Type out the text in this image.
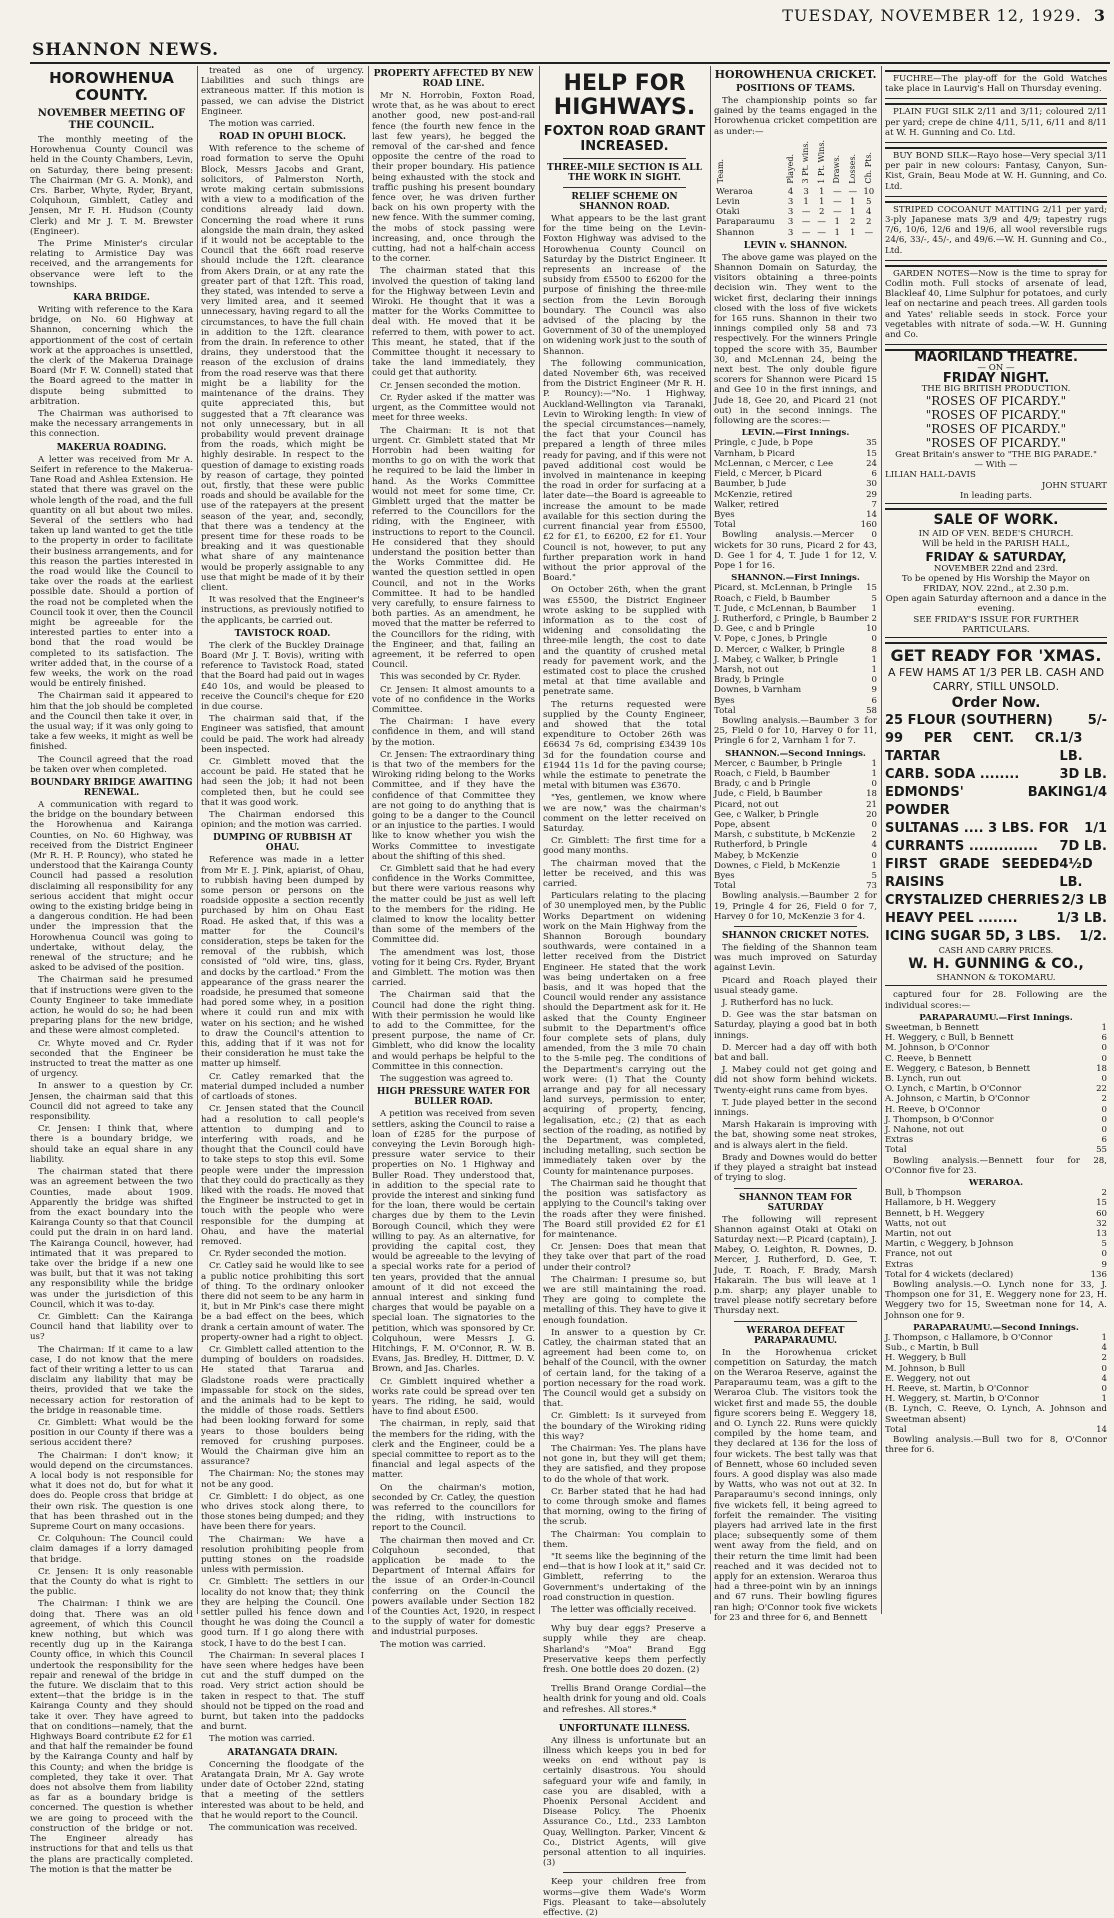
TUESDAY, NOVEMBER 12, 1929. 3
SHANNON NEWS.
HOROWHENUA COUNTY.
NOVEMBER MEETING OF THE COUNCIL.

The monthly meeting of the Horowhenua County Council was held in the County Chambers, Levin, on Saturday, there being present: The Chairman (Mr G. A. Monk), and Crs. Barber, Whyte, Ryder, Bryant, Colquhoun, Gimblett, Catley and Jensen, Mr F. H. Hudson (County Clerk) and Mr J. T. M. Brewster (Engineer).

The Prime Minister's circular relating to Armistice Day was received, and the arrangements for observance were left to the townships.

KARA BRIDGE.

Writing with reference to the Kara bridge, on No. 60 Highway at Shannon, concerning which the apportionment of the cost of certain work at the approaches is unsettled, the clerk of the Makerua Drainage Board (Mr F. W. Connell) stated that the Board agreed to the matter in dispute being submitted to arbitration.

The Chairman was authorised to make the necessary arrangements in this connection.

MAKERUA ROADING.

A letter was received from Mr A. Seifert in reference to the Makerua-Tane Road and Ashlea Extension. He stated that there was gravel on the whole length of the road, and the full quantity on all but about two miles. Several of the settlers who had taken up land wanted to get the title to the property in order to facilitate their business arrangements, and for this reason the parties interested in the road would like the Council to take over the roads at the earliest possible date. Should a portion of the road not be completed when the Council took it over, then the Council might be agreeable for the interested parties to enter into a bond that the road would be completed to its satisfaction. The writer added that, in the course of a few weeks, the work on the road would be entirely finished.

The Chairman said it appeared to him that the job should be completed and the Council then take it over, in the usual way; if it was only going to take a few weeks, it might as well be finished.

The Council agreed that the road be taken over when completed.

BOUNDARY BRIDGE AWAITING RENEWAL.

A communication with regard to the bridge on the boundary between the Horowhenua and Kairanga Counties, on No. 60 Highway, was received from the District Engineer (Mr R. H. P. Rouncy), who stated he understood that the Kairanga County Council had passed a resolution disclaiming all responsibility for any serious accident that might occur owing to the existing bridge being in a dangerous condition. He had been under the impression that the Horowhenua Council was going to undertake, without delay, the renewal of the structure; and he asked to be advised of the position.

The Chairman said he presumed that if instructions were given to the County Engineer to take immediate action, he would do so; he had been preparing plans for the new bridge, and these were almost completed.

Cr. Whyte moved and Cr. Ryder seconded that the Engineer be instructed to treat the matter as one of urgency.

In answer to a question by Cr. Jensen, the chairman said that this Council did not agreed to take any responsibility.

Cr. Jensen: I think that, where there is a boundary bridge, we should take an equal share in any liability.

The chairman stated that there was an agreement between the two Counties, made about 1909. Apparently the bridge was shifted from the exact boundary into the Kairanga County so that that Council could put the drain in on hard land. The Kairanga Council, however, had intimated that it was prepared to take over the bridge if a new one was built, but that it was not taking any responsibility while the bridge was under the jurisdiction of this Council, which it was to-day.

Cr. Gimblett: Can the Kairanga Council hand that liability over to us?

The Chairman: If it came to a law case, I do not know that the mere fact of their writing a letter to us can disclaim any liability that may be theirs, provided that we take the necessary action for restoration of the bridge in reasonable time.

Cr. Gimblett: What would be the position in our County if there was a serious accident there?

The Chairman: I don't know; it would depend on the circumstances. A local body is not responsible for what it does not do, but for what it does do. People cross that bridge at their own risk. The question is one that has been thrashed out in the Supreme Court on many occasions.

Cr. Colquhoun: The Council could claim damages if a lorry damaged that bridge.

Cr. Jensen: It is only reasonable that the County do what is right to the public.

The Chairman: I think we are doing that. There was an old agreement, of which this Council knew nothing, but which was recently dug up in the Kairanga County office, in which this Council undertook the responsibility for the repair and renewal of the bridge in the future. We disclaim that to this extent—that the bridge is in the Kairanga County and they should take it over. They have agreed to that on conditions—namely, that the Highways Board contribute £2 for £1 and that half the remainder be found by the Kairanga County and half by this County; and when the bridge is completed, they take it over. That does not absolve them from liability as far as a boundary bridge is concerned. The question is whether we are going to proceed with the construction of the bridge or not. The Engineer already has instructions for that and tells us that the plans are practically completed. The motion is that the matter be

treated as one of urgency. Liabilities and such things are extraneous matter. If this motion is passed, we can advise the District Engineer.

The motion was carried.

ROAD IN OPUHI BLOCK.

With reference to the scheme of road formation to serve the Opuhi Block, Messrs Jacobs and Grant, solicitors, of Palmerston North, wrote making certain submissions with a view to a modification of the conditions already laid down. Concerning the road where it runs alongside the main drain, they asked if it would not be acceptable to the Council that the 66ft road reserve should include the 12ft. clearance from Akers Drain, or at any rate the greater part of that 12ft. This road, they stated, was intended to serve a very limited area, and it seemed unnecessary, having regard to all the circumstances, to have the full chain in addition to the 12ft. clearance from the drain. In reference to other drains, they understood that the reason of the exclusion of drains from the road reserve was that there might be a liability for the maintenance of the drains. They quite appreciated this, but suggested that a 7ft clearance was not only unnecessary, but in all probability would prevent drainage from the roads, which might be highly desirable. In respect to the question of damage to existing roads by reason of cartage, they pointed out, firstly, that these were public roads and should be available for the use of the ratepayers at the present season of the year, and, secondly, that there was a tendency at the present time for these roads to be breaking and it was questionable what share of any maintenance would be properly assignable to any use that might be made of it by their client.

It was resolved that the Engineer's instructions, as previously notified to the applicants, be carried out.

TAVISTOCK ROAD.

The clerk of the Buckley Drainage Board (Mr J. T. Bovis), writing with reference to Tavistock Road, stated that the Board had paid out in wages £40 10s, and would be pleased to receive the Council's cheque for £20 in due course.

The chairman said that, if the Engineer was satisfied, that amount could be paid. The work had already been inspected.

Cr. Gimblett moved that the account be paid. He stated that he had seen the job; it had not been completed then, but he could see that it was good work.

The Chairman endorsed this opinion; and the motion was carried.

DUMPING OF RUBBISH AT OHAU.

Reference was made in a letter from Mr E. J. Pink, apiarist, of Ohau, to rubbish having been dumped by some person or persons on the roadside opposite a section recently purchased by him on Ohau East Road. He asked that, if this was a matter for the Council's consideration, steps be taken for the removal of the rubbish, which consisted of "old wire, tins, glass, and docks by the cartload." From the appearance of the grass nearer the roadside, he presumed that someone had pored some whey, in a position where it could run and mix with water on his section; and he wished to draw the Council's attention to this, adding that if it was not for their consideration he must take the matter up himself.

Cr. Catley remarked that the material dumped included a number of cartloads of stones.

Cr. Jensen stated that the Council had a resolution to call people's attention to dumping and to interfering with roads, and he thought that the Council could have to take steps to stop this evil. Some people were under the impression that they could do practically as they liked with the roads. He moved that the Engineer be instructed to get in touch with the people who were responsible for the dumping at Ohau, and have the material removed.

Cr. Ryder seconded the motion.

Cr. Catley said he would like to see a public notice prohibiting this sort of thing. To the ordinary onlooker there did not seem to be any harm in it, but in Mr Pink's case there might be a bad effect on the bees, which drank a certain amount of water. The property-owner had a right to object.

Cr. Gimblett called attention to the dumping of boulders on roadsides. He stated that Tararua and Gladstone roads were practically impassable for stock on the sides, and the animals had to be kept to the middle of those roads. Settlers had been looking forward for some years to those boulders being removed for crushing purposes. Would the Chairman give him an assurance?

The Chairman: No; the stones may not be any good.

Cr. Gimblett: I do object, as one who drives stock along there, to those stones being dumped; and they have been there for years.

The Chairman: We have a resolution prohibiting people from putting stones on the roadside unless with permission.

Cr. Gimblett: The settlers in our locality do not know that; they think they are helping the Council. One settler pulled his fence down and thought he was doing the Council a good turn. If I go along there with stock, I have to do the best I can.

The Chairman: In several places I have seen where hedges have been cut and the stuff dumped on the road. Very strict action should be taken in respect to that. The stuff should not be tipped on the road and burnt, but taken into the paddocks and burnt.

The motion was carried.

ARATANGATA DRAIN.

Concerning the floodgate of the Aratangata Drain, Mr A. Gay wrote under date of October 22nd, stating that a meeting of the settlers interested was about to be held, and that he would report to the Council.

The communication was received.

PROPERTY AFFECTED BY NEW ROAD LINE.

Mr N. Horrobin, Foxton Road, wrote that, as he was about to erect another good, new post-and-rail fence (the fourth new fence in the last few years), he begged the removal of the car-shed and fence opposite the centre of the road to their proper boundary. His patience being exhausted with the stock and traffic pushing his present boundary fence over, he was driven further back on his own property with the new fence. With the summer coming, the mobs of stock passing were increasing, and, once through the cutting, had not a half-chain access to the corner.

The chairman stated that this involved the question of taking land for the Highway between Levin and Wiroki. He thought that it was a matter for the Works Committee to deal with. He moved that it be referred to them, with power to act. This meant, he stated, that if the Committee thought it necessary to take the land immediately, they could get that authority.

Cr. Jensen seconded the motion.

Cr. Ryder asked if the matter was urgent, as the Committee would not meet for three weeks.

The Chairman: It is not that urgent. Cr. Gimblett stated that Mr Horrobin had been waiting for months to go on with the work that he required to be laid the limber in hand. As the Works Committee would not meet for some time, Cr. Gimblett urged that the matter be referred to the Councillors for the riding, with the Engineer, with instructions to report to the Council. He considered that they should understand the position better than the Works Committee did. He wanted the question settled in open Council, and not in the Works Committee. It had to be handled very carefully, to ensure fairness to both parties. As an amendment, he moved that the matter be referred to the Councillors for the riding, with the Engineer, and that, failing an agreement, it be referred to open Council.

This was seconded by Cr. Ryder.

Cr. Jensen: It almost amounts to a vote of no confidence in the Works Committee.

The Chairman: I have every confidence in them, and will stand by the motion.

Cr. Jensen: The extraordinary thing is that two of the members for the Wiroking riding belong to the Works Committee, and if they have the confidence of that Committee they are not going to do anything that is going to be a danger to the Council or an injustice to the parties. I would like to know whether you wish the Works Committee to investigate about the shifting of this shed.

Cr. Gimblett said that he had every confidence in the Works Committee, but there were various reasons why the matter could be just as well left to the members for the riding. He claimed to know the locality better than some of the members of the Committee did.

The amendment was lost, those voting for it being Crs. Ryder, Bryant and Gimblett. The motion was then carried.

The Chairman said that the Council had done the right thing. With their permission he would like to add to the Committee, for the present purpose, the name of Cr. Gimblett, who did know the locality and would perhaps be helpful to the Committee in this connection.

The suggestion was agreed to.

HIGH PRESSURE WATER FOR BULLER ROAD.

A petition was received from seven settlers, asking the Council to raise a loan of £285 for the purpose of conveying the Levin Borough high-pressure water service to their properties on No. 1 Highway and Buller Road. They understood that, in addition to the special rate to provide the interest and sinking fund for the loan, there would be certain charges due by them to the Levin Borough Council, which they were willing to pay. As an alternative, for providing the capital cost, they would be agreeable to the levying of a special works rate for a period of ten years, provided that the annual amount of it did not exceed the annual interest and sinking fund charges that would be payable on a special loan. The signatories to the petition, which was sponsored by Cr. Colquhoun, were Messrs J. G. Hitchings, F. M. O'Connor, R. W. B. Evans, Jas. Bredley, H. Dittmer, D. V. Brown, and Jas. Charles.

Cr. Gimblett inquired whether a works rate could be spread over ten years. The riding, he said, would have to find about £500.

The chairman, in reply, said that the members for the riding, with the clerk and the Engineer, could be a special committee to report as to the financial and legal aspects of the matter.

On the chairman's motion, seconded by Cr. Catley, the question was referred to the councillors for the riding, with instructions to report to the Council.

The chairman then moved and Cr. Colquhoun seconded, that application be made to the Department of Internal Affairs for the issue of an Order-in-Council conferring on the Council the powers available under Section 182 of the Counties Act, 1920, in respect to the supply of water for domestic and industrial purposes.

The motion was carried.

HELP FOR HIGHWAYS.
FOXTON ROAD GRANT INCREASED.
THREE-MILE SECTION IS ALL THE WORK IN SIGHT.
RELIEF SCHEME ON SHANNON ROAD.

What appears to be the last grant for the time being on the Levin-Foxton Highway was advised to the Horowhenua County Council on Saturday by the District Engineer. It represents an increase of the subsidy from £5500 to £6200 for the purpose of finishing the three-mile section from the Levin Borough boundary. The Council was also advised of the placing by the Government of 30 of the unemployed on widening work just to the south of Shannon.

The following communication, dated November 6th, was received from the District Engineer (Mr R. H. P. Rouncy):—"No. 1 Highway, Auckland-Wellington via Taranaki, Levin to Wiroking length: In view of the special circumstances—namely, the fact that your Council has prepared a length of three miles ready for paving, and if this were not paved additional cost would be involved in maintenance in keeping the road in order for surfacing at a later date—the Board is agreeable to increase the amount to be made available for this section during the current financial year from £5500, £2 for £1, to £6200, £2 for £1. Your Council is not, however, to put any further preparation work in hand without the prior approval of the Board."

On October 26th, when the grant was £5500, the District Engineer wrote asking to be supplied with information as to the cost of widening and consolidating the three-mile length, the cost to date and the quantity of crushed metal ready for pavement work, and the estimated cost to place the crushed metal at that time available and penetrate same.

The returns requested were supplied by the County Engineer, and showed that the total expenditure to October 26th was £6634 7s 6d, comprising £3439 10s 3d for the foundation course and £1944 11s 1d for the paving course; while the estimate to penetrate the metal with bitumen was £3670.

"Yes, gentlemen, we know where we are now," was the chairman's comment on the letter received on Saturday.

Cr. Gimblett: The first time for a good many months.

The chairman moved that the letter be received, and this was carried.

Particulars relating to the placing of 30 unemployed men, by the Public Works Department on widening work on the Main Highway from the Shannon Borough boundary southwards, were contained in a letter received from the District Engineer. He stated that the work was being undertaken on a free basis, and it was hoped that the Council would render any assistance should the Department ask for it. He asked that the County Engineer submit to the Department's office four complete sets of plans, duly amended, from the 3 mile 70 chain to the 5-mile peg. The conditions of the Department's carrying out the work were: (1) That the County arrange and pay for all necessary land surveys, permission to enter, acquiring of property, fencing, legalisation, etc.; (2) that as each section of the roading, as notified by the Department, was completed, including metalling, such section be immediately taken over by the County for maintenance purposes.

The Chairman said he thought that the position was satisfactory as applying to the Council's taking over the roads after they were finished. The Board still provided £2 for £1 for maintenance.

Cr. Jensen: Does that mean that they take over that part of the road under their control?

The Chairman: I presume so, but we are still maintaining the road. They are going to complete the metalling of this. They have to give it enough foundation.

In answer to a question by Cr. Catley, the chairman stated that an agreement had been come to, on behalf of the Council, with the owner of certain land, for the taking of a portion necessary for the road work. The Council would get a subsidy on that.

Cr. Gimblett: Is it surveyed from the boundary of the Wiroking riding this way?

The Chairman: Yes. The plans have not gone in, but they will get them; they are satisfied, and they propose to do the whole of that work.

Cr. Barber stated that he had had to come through smoke and flames that morning, owing to the firing of the scrub.

The Chairman: You complain to them.

"It seems like the beginning of the end—that is how I look at it," said Cr. Gimblett, referring to the Government's undertaking of the road construction in question.

The letter was officially received.

Why buy dear eggs? Preserve a supply while they are cheap. Sharland's "Moa" Brand Egg Preservative keeps them perfectly fresh. One bottle does 20 dozen. (2)

Trellis Brand Orange Cordial—the health drink for young and old. Coals and refreshes. All stores.*

UNFORTUNATE ILLNESS.

Any illness is unfortunate but an illness which keeps you in bed for weeks on end without pay is certainly disastrous. You should safeguard your wife and family, in case you are disabled, with a Phoenix Personal Accident and Disease Policy. The Phoenix Assurance Co., Ltd., 233 Lambton Quay, Wellington. Parker, Vincent & Co., District Agents, will give personal attention to all inquiries. (3)

Keep your children free from worms—give them Wade's Worm Figs. Pleasant to take—absolutely effective. (2)

HOROWHENUA CRICKET.
POSITIONS OF TEAMS.

The championship points so far gained by the teams engaged in the Horowhenua cricket competition are as under:—

Team.	Played.	3 Pt. wins.	1 Pt. Wins.	Draws.	Losses.	Ch. Pts.
Weraroa	4	3	1	—	—	10
Levin	3	1	1	—	1	5
Otaki	3	—	2	—	1	4
Paraparaumu	3	—	—	1	2	2
Shannon	3	—	—	1	1	—
LEVIN v. SHANNON.

The above game was played on the Shannon Domain on Saturday, the visitors obtaining a three-points decision win. They went to the wicket first, declaring their innings closed with the loss of five wickets for 165 runs. Shannon in their two innings compiled only 58 and 73 respectively. For the winners Pringle topped the score with 35, Baumber 30, and McLennan 24, being the next best. The only double figure scorers for Shannon were Picard 15 and Gee 10 in the first innings, and Jude 18, Gee 20, and Picard 21 (not out) in the second innings. The following are the scores:—

LEVIN.—First Innings.
Pringle, c Jude, b Pope	35
Varnham, b Picard	15
McLennan, c Mercer, c Lee	24
Field, c Mercer, b Picard	6
Baumber, b Jude	30
McKenzie, retired	29
Walker, retired	7
Byes	14
Total	160

Bowling analysis.—Mercer 0 wickets for 30 runs, Picard 2 for 43, D. Gee 1 for 4, T. Jude 1 for 12, V. Pope 1 for 16.

SHANNON.—First Innings.
Picard, st. McLennan, b Pringle 15
Roach, c Field, b Baumber	5
T. Jude, c McLennan, b Baumber 1
J. Rutherford, c Pringle, b Baumber 2
D. Gee, c and b Pringle	10
V. Pope, c Jones, b Pringle	0
D. Mercer, c Walker, b Pringle	8
J. Mabey, c Walker, b Pringle	1
Marsh, not out	1
Brady, b Pringle	0
Downes, b Varnham	9
Byes	6
Total	58

Bowling analysis.—Baumber 3 for 25, Field 0 for 10, Harvey 0 for 11, Pringle 6 for 2, Varnham 1 for 7.

SHANNON.—Second Innings.
Mercer, c Baumber, b Pringle	1
Roach, c Field, b Baumber	1
Brady, c and b Pringle	0
Jude, c Field, b Baumber	18
Picard, not out	21
Gee, c Walker, b Pringle	20
Pope, absent	0
Marsh, c substitute, b McKenzie 2
Rutherford, b Pringle	4
Mabey, b McKenzie	0
Downes, c Field, b McKenzie	1
Byes	5
Total	73

Bowling analysis.—Baumber 2 for 19, Pringle 4 for 26, Field 0 for 7, Harvey 0 for 10, McKenzie 3 for 4.

SHANNON CRICKET NOTES.

The fielding of the Shannon team was much improved on Saturday against Levin.

Picard and Roach played their usual steady game.

J. Rutherford has no luck.

D. Gee was the star batsman on Saturday, playing a good bat in both innings.

D. Mercer had a day off with both bat and ball.

J. Mabey could not get going and did not show form behind wickets. Twenty-eight runs came from byes.

T. Jude played better in the second innings.

Marsh Hakarain is improving with the bat, showing some neat strokes, and is always alert in the field.

Brady and Downes would do better if they played a straight bat instead of trying to slog.

SHANNON TEAM FOR SATURDAY

The following will represent Shannon against Otaki at Otaki on Saturday next:—P. Picard (captain), J. Mabey, O. Leighton, R. Downes, D. Mercer, J. Rutherford, D. Gee, T. Jude, T. Roach, F. Brady, Marsh Hakarain. The bus will leave at 1 p.m. sharp; any player unable to travel please notify secretary before Thursday next.

WERAROA DEFEAT PARAPARAUMU.

In the Horowhenua cricket competition on Saturday, the match on the Weraroa Reserve, against the Paraparaumu team, was a gift to the Weraroa Club. The visitors took the wicket first and made 55, the double figure scorers being E. Weggery 18, and O. Lynch 22. Runs were quickly compiled by the home team, and they declared at 136 for the loss of four wickets. The best tally was that of Bennett, whose 60 included seven fours. A good display was also made by Watts, who was not out at 32. In Paraparaumu's second innings, only five wickets fell, it being agreed to forfeit the remainder. The visiting players had arrived late in the first place; subsequently some of them went away from the field, and on their return the time limit had been reached and it was decided not to apply for an extension. Weraroa thus had a three-point win by an innings and 67 runs. Their bowling figures ran high; O'Connor took five wickets for 23 and three for 6, and Bennett

FUCHRE—The play-off for the Gold Watches take place in Laurvig's Hall on Thursday evening.

PLAIN FUGI SILK 2/11 and 3/11; coloured 2/11 per yard; crepe de chine 4/11, 5/11, 6/11 and 8/11 at W. H. Gunning and Co. Ltd.

BUY BOND SILK—Rayo hose—Very special 3/11 per pair in new colours: Fantasy, Canyon, Sun-Kist, Grain, Beau Mode at W. H. Gunning, and Co. Ltd.

STRIPED COCOANUT MATTING 2/11 per yard; 3-ply Japanese mats 3/9 and 4/9; tapestry rugs 7/6, 10/6, 12/6 and 19/6, all wool reversible rugs 24/6, 33/-, 45/-, and 49/6.—W. H. Gunning and Co., Ltd.

GARDEN NOTES—Now is the time to spray for Codlin moth. Full stocks of arsenate of lead, Blackleaf 40, Lime Sulphur for potatoes, and curly leaf on nectarine and peach trees. All garden tools and Yates' reliable seeds in stock. Force your vegetables with nitrate of soda.—W. H. Gunning and Co.

MAORILAND THEATRE.
— ON —
FRIDAY NIGHT.
THE BIG BRITISH PRODUCTION.
"ROSES OF PICARDY."
"ROSES OF PICARDY."
"ROSES OF PICARDY."
"ROSES OF PICARDY."
Great Britain's answer to "THE BIG PARADE."
— With —
LILIAN HALL-DAVIS
JOHN STUART
In leading parts.
SALE OF WORK.
IN AID OF VEN. BEDE'S CHURCH.
Will be held in the PARISH HALL,
FRIDAY & SATURDAY,
NOVEMBER 22nd and 23rd.
To be opened by His Worship the Mayor on FRIDAY, NOV. 22nd., at 2.30 p.m.
Open again Saturday afternoon and a dance in the evening.
SEE FRIDAY'S ISSUE FOR FURTHER PARTICULARS.
GET READY FOR 'XMAS.
A FEW HAMS AT 1/3 PER LB. CASH AND CARRY, STILL UNSOLD.
Order Now.
25 FLOUR (SOUTHERN)	5/-
99 PER CENT. CR. TARTAR
1/3 LB.
CARB. SODA ........	3D LB.
EDMONDS' BAKING POWDER
1/4
SULTANAS .... 3 LBS. FOR 1/1
CURRANTS .............. 7D LB.
FIRST GRADE SEEDED RAISINS
4½D LB.
CRYSTALIZED CHERRIES 2/3 LB
HEAVY PEEL ........	1/3 LB.
ICING SUGAR 5D, 3 LBS. 1/2.
CASH AND CARRY PRICES.
W. H. GUNNING & CO.,
SHANNON & TOKOMARU.

captured four for 28. Following are the individual scores:—

PARAPARAUMU.—First Innings.
Sweetman, b Bennett	1
H. Weggery, c Bull, b Bennett	6
M. Johnson, b O'Connor	0
C. Reeve, b Bennett	0
E. Weggery, c Bateson, b Bennett	18
B. Lynch, run out	0
O. Lynch, c Martin, b O'Connor	22
A. Johnson, c Martin, b O'Connor	2
H. Reeve, b O'Connor	0
J. Thompson, b O'Connor	0
J. Nahone, not out	0
Extras	6
Total	55

Bowling analysis.—Bennett four for 28, O'Connor five for 23.

WERAROA.
Bull, b Thompson	2
Hallamore, b H. Weggery	15
Bennett, b H. Weggery	60
Watts, not out	32
Martin, not out	13
Martin, c Weggery, b Johnson	5
France, not out	0
Extras	9
Total for 4 wickets (declared)	136

Bowling analysis.—O. Lynch none for 33, J. Thompson one for 31, E. Weggery none for 23, H. Weggery two for 15, Sweetman none for 14, A. Johnson one for 9.

PARAPARAUMU.—Second Innings.
J. Thompson, c Hallamore, b O'Connor	1
Sub., c Martin, b Bull	4
H. Weggery, b Bull	2
M. Johnson, b Bull	0
E. Weggery, not out	4
H. Reeve, st. Martin, b O'Connor	0
H. Weggery, st. Martin, b O'Connor	1
(B. Lynch, C. Reeve, O. Lynch, A. Johnson and Sweetman absent)
Total	14

Bowling analysis.—Bull two for 8, O'Connor three for 6.
